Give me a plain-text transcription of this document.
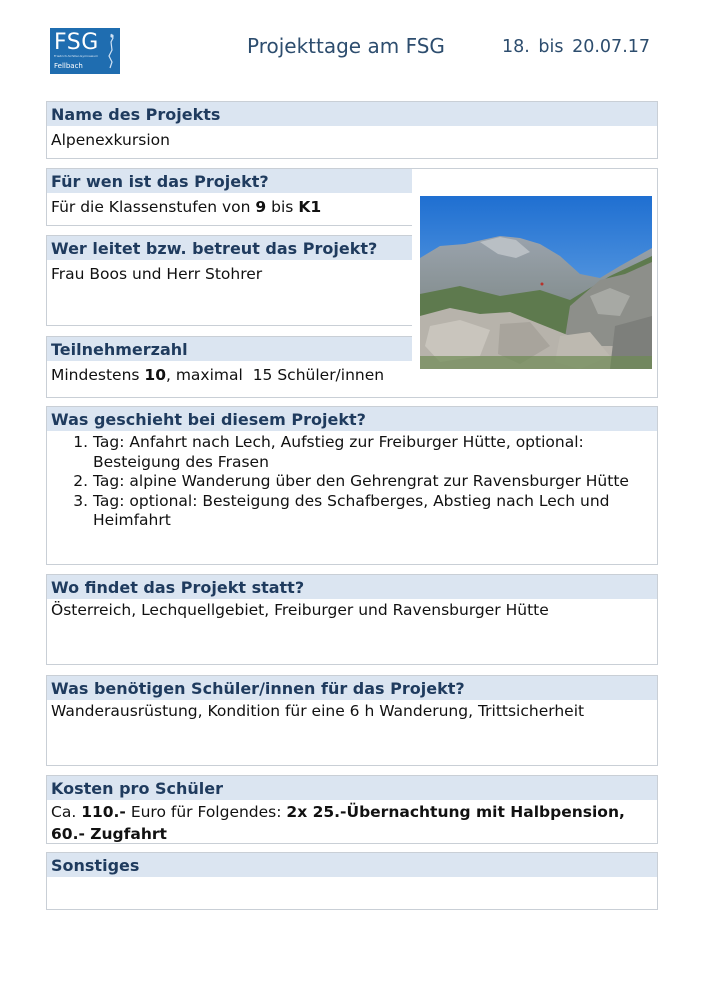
FSG
Friedrich-Schiller-Gymnasium
Fellbach
Projekttage am FSG	18. bis 20.07.17
Name des Projekts
Alpenexkursion
Für wen ist das Projekt?
Für die Klassenstufen von 9 bis K1
Wer leitet bzw. betreut das Projekt?
Frau Boos und Herr Stohrer
Teilnehmerzahl
Mindestens 10, maximal 15 Schüler/innen
Was geschieht bei diesem Projekt?
1. Tag: Anfahrt nach Lech, Aufstieg zur Freiburger Hütte, optional: Besteigung des Frasen
2. Tag: alpine Wanderung über den Gehrengrat zur Ravensburger Hütte
3. Tag: optional: Besteigung des Schafberges, Abstieg nach Lech und Heimfahrt
Wo findet das Projekt statt?
Österreich, Lechquellgebiet, Freiburger und Ravensburger Hütte
Was benötigen Schüler/innen für das Projekt?
Wanderausrüstung, Kondition für eine 6 h Wanderung, Trittsicherheit
Kosten pro Schüler
Ca. 110.- Euro für Folgendes: 2x 25.-Übernachtung mit Halbpension, 60.- Zugfahrt
Sonstiges
